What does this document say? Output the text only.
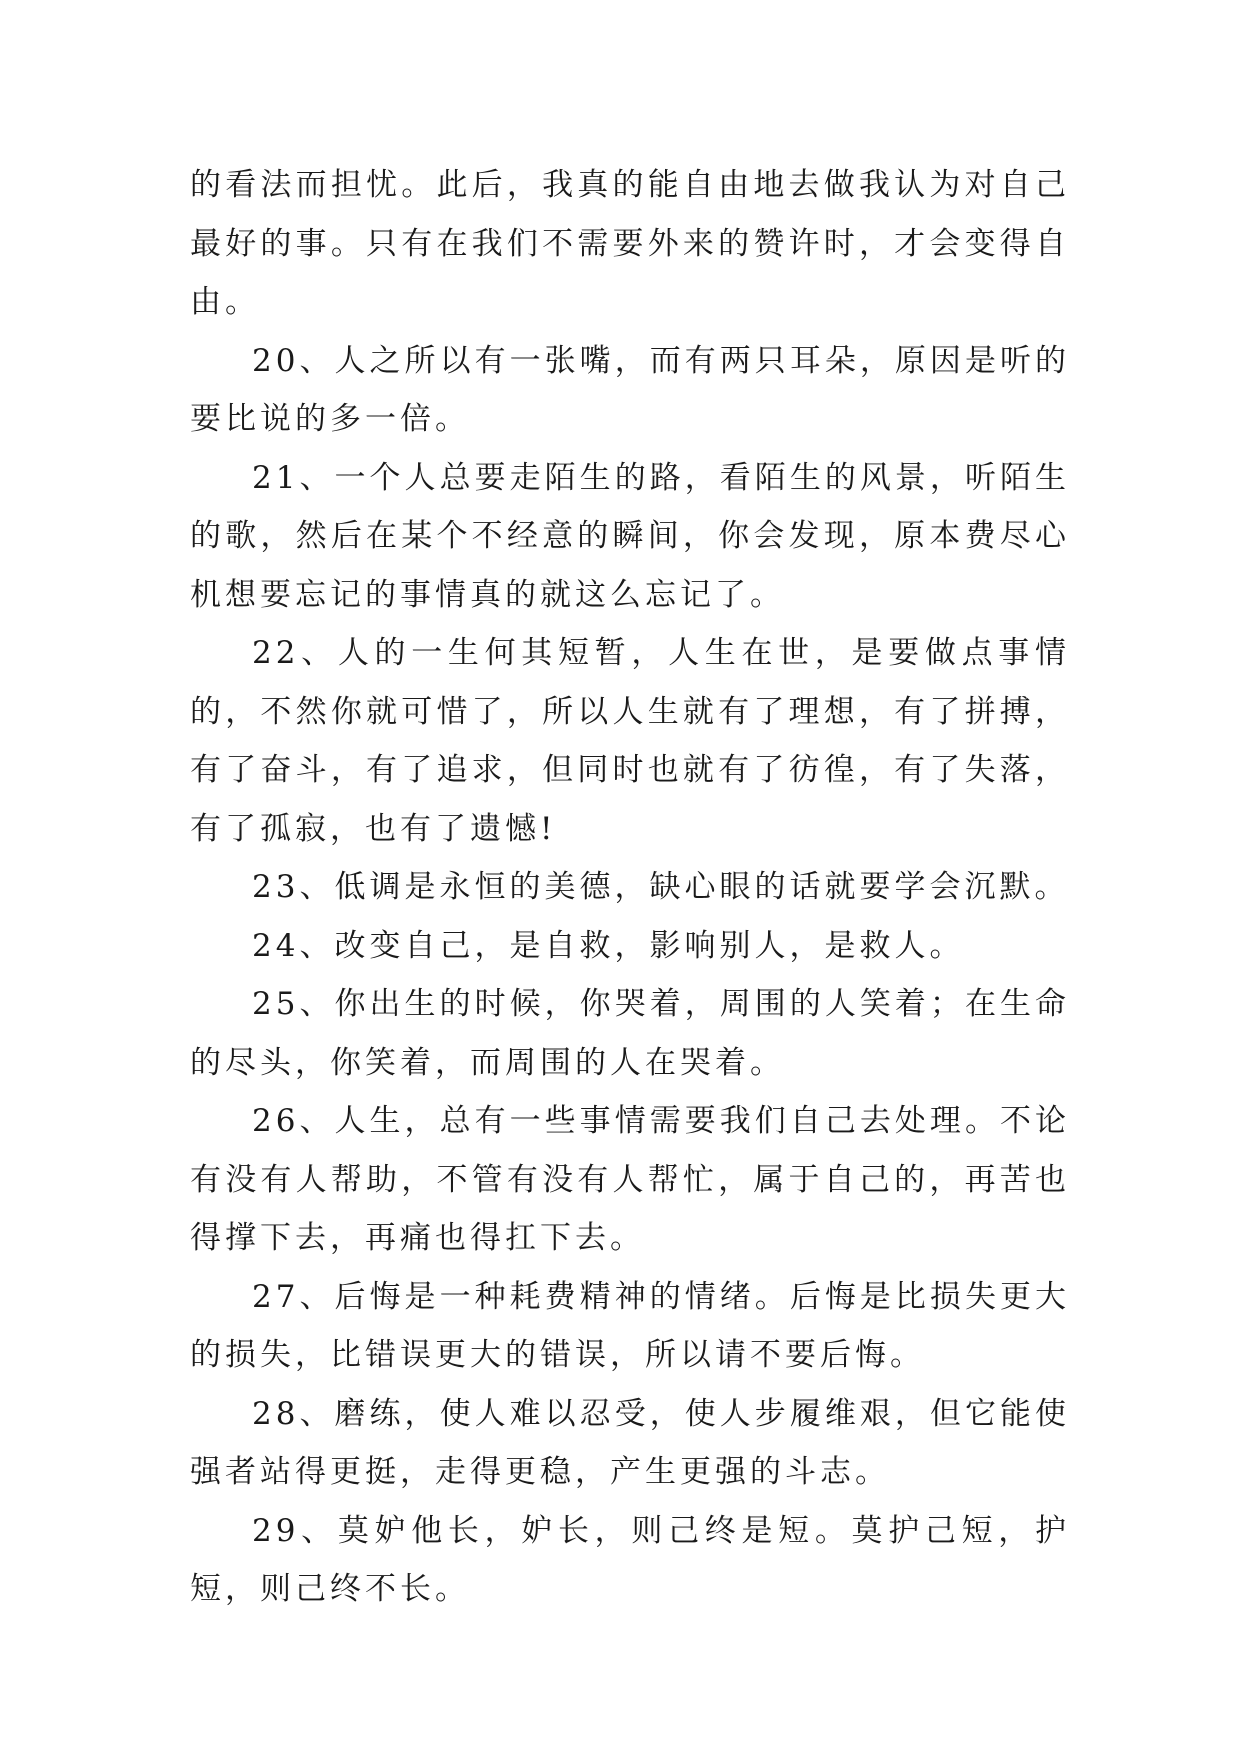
的看法而担忧。此后，我真的能自由地去做我认为对自己最好的事。只有在我们不需要外来的赞许时，才会变得自由。

20、人之所以有一张嘴，而有两只耳朵，原因是听的要比说的多一倍。

21、一个人总要走陌生的路，看陌生的风景，听陌生的歌，然后在某个不经意的瞬间，你会发现，原本费尽心机想要忘记的事情真的就这么忘记了。

22、人的一生何其短暂，人生在世，是要做点事情的，不然你就可惜了，所以人生就有了理想，有了拼搏，有了奋斗，有了追求，但同时也就有了彷徨，有了失落，有了孤寂，也有了遗憾!

23、低调是永恒的美德，缺心眼的话就要学会沉默。

24、改变自己，是自救，影响别人，是救人。

25、你出生的时候，你哭着，周围的人笑着；在生命的尽头，你笑着，而周围的人在哭着。

26、人生，总有一些事情需要我们自己去处理。不论有没有人帮助，不管有没有人帮忙，属于自己的，再苦也得撑下去，再痛也得扛下去。

27、后悔是一种耗费精神的情绪。后悔是比损失更大的损失，比错误更大的错误，所以请不要后悔。

28、磨练，使人难以忍受，使人步履维艰，但它能使强者站得更挺，走得更稳，产生更强的斗志。

29、莫妒他长，妒长，则己终是短。莫护己短，护短，则己终不长。
